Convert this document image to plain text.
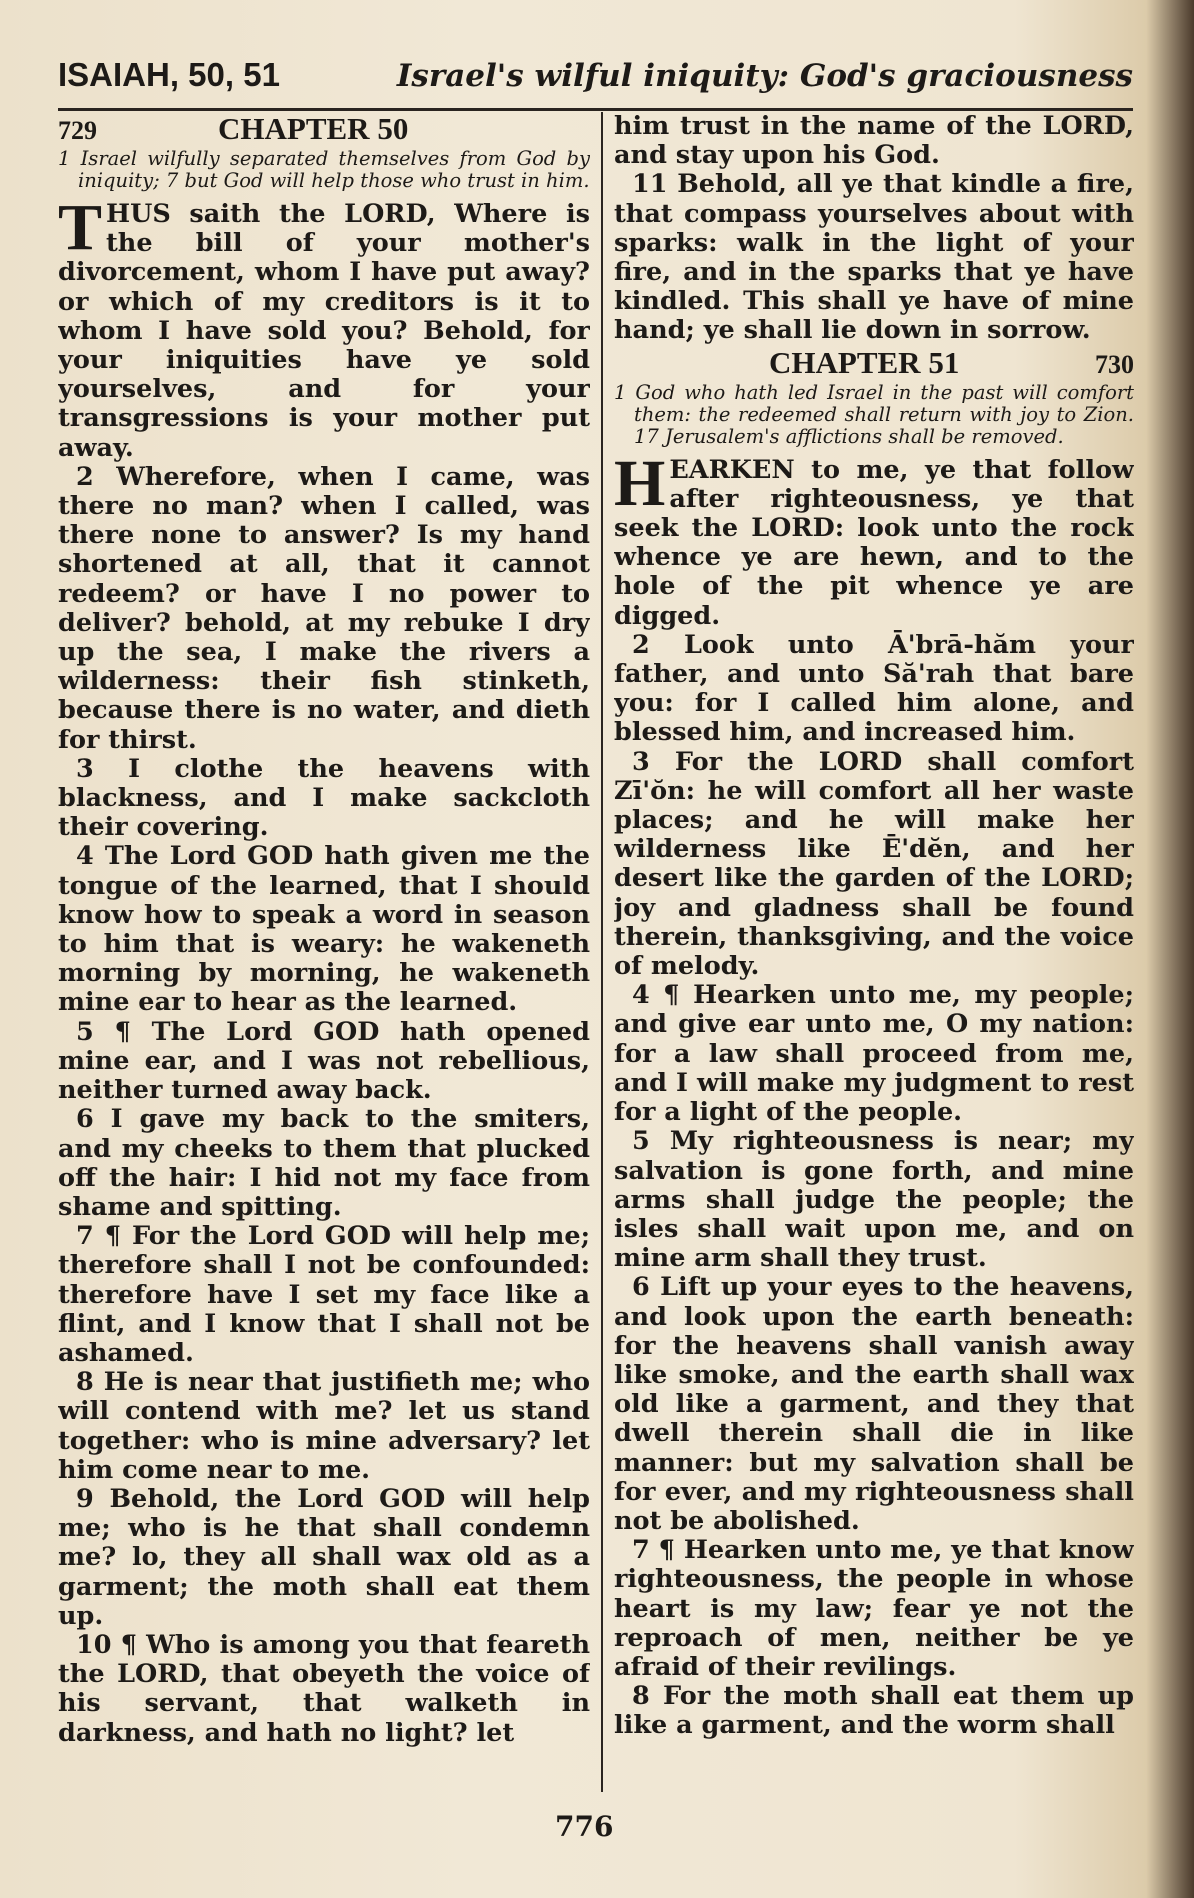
ISAIAH, 50, 51	Israel's wilful iniquity: God's graciousness
729	CHAPTER 50
1 Israel wilfully separated themselves from God by iniquity; 7 but God will help those who trust in him.

THUS saith the LORD, Where is the bill of your mother's divorcement, whom I have put away? or which of my creditors is it to whom I have sold you? Behold, for your iniquities have ye sold yourselves, and for your transgressions is your mother put away.

2 Wherefore, when I came, was there no man? when I called, was there none to answer? Is my hand shortened at all, that it cannot redeem? or have I no power to deliver? behold, at my rebuke I dry up the sea, I make the rivers a wilderness: their fish stinketh, because there is no water, and dieth for thirst.

3 I clothe the heavens with blackness, and I make sackcloth their covering.

4 The Lord GOD hath given me the tongue of the learned, that I should know how to speak a word in season to him that is weary: he wakeneth morning by morning, he wakeneth mine ear to hear as the learned.

5 ¶ The Lord GOD hath opened mine ear, and I was not rebellious, neither turned away back.

6 I gave my back to the smiters, and my cheeks to them that plucked off the hair: I hid not my face from shame and spitting.

7 ¶ For the Lord GOD will help me; therefore shall I not be confounded: therefore have I set my face like a flint, and I know that I shall not be ashamed.

8 He is near that justifieth me; who will contend with me? let us stand together: who is mine adversary? let him come near to me.

9 Behold, the Lord GOD will help me; who is he that shall condemn me? lo, they all shall wax old as a garment; the moth shall eat them up.

10 ¶ Who is among you that feareth the LORD, that obeyeth the voice of his servant, that walketh in darkness, and hath no light? let

him trust in the name of the LORD, and stay upon his God.

11 Behold, all ye that kindle a fire, that compass yourselves about with sparks: walk in the light of your fire, and in the sparks that ye have kindled. This shall ye have of mine hand; ye shall lie down in sorrow.

CHAPTER 51	730
1 God who hath led Israel in the past will comfort them: the redeemed shall return with joy to Zion. 17 Jerusalem's afflictions shall be removed.

HEARKEN to me, ye that follow after righteousness, ye that seek the LORD: look unto the rock whence ye are hewn, and to the hole of the pit whence ye are digged.

2 Look unto Ā'brā-hăm your father, and unto Să'rah that bare you: for I called him alone, and blessed him, and increased him.

3 For the LORD shall comfort Zī'ŏn: he will comfort all her waste places; and he will make her wilderness like Ē'dĕn, and her desert like the garden of the LORD; joy and gladness shall be found therein, thanksgiving, and the voice of melody.

4 ¶ Hearken unto me, my people; and give ear unto me, O my nation: for a law shall proceed from me, and I will make my judgment to rest for a light of the people.

5 My righteousness is near; my salvation is gone forth, and mine arms shall judge the people; the isles shall wait upon me, and on mine arm shall they trust.

6 Lift up your eyes to the heavens, and look upon the earth beneath: for the heavens shall vanish away like smoke, and the earth shall wax old like a garment, and they that dwell therein shall die in like manner: but my salvation shall be for ever, and my righteousness shall not be abolished.

7 ¶ Hearken unto me, ye that know righteousness, the people in whose heart is my law; fear ye not the reproach of men, neither be ye afraid of their revilings.

8 For the moth shall eat them up like a garment, and the worm shall

776
